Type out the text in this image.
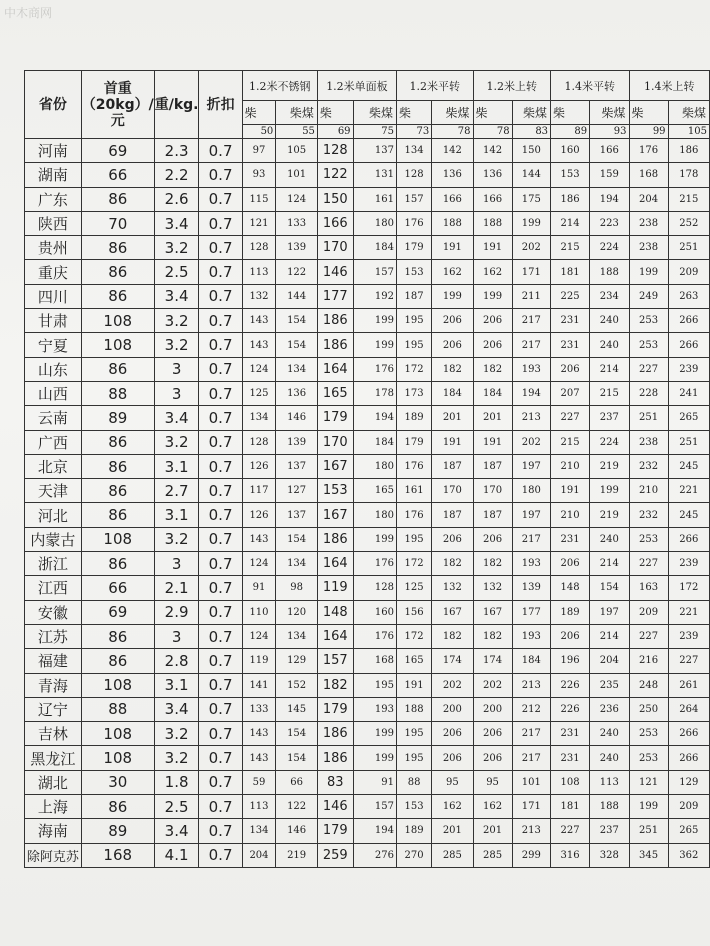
中木商网
省份	首重（20kg）/元	重/kg.	折扣	1.2米不锈钢		1.2米单面板		1.2米平转		1.2米上转		1.4米平转		1.4米上转	
				柴	柴煤	柴	柴煤	柴	柴煤	柴	柴煤	柴	柴煤	柴	柴煤
				50	55	69	75	73	78	78	83	89	93	99	105
河南	69	2.3	0.7	97	105	128	137	134	142	142	150	160	166	176	186
湖南	66	2.2	0.7	93	101	122	131	128	136	136	144	153	159	168	178
广东	86	2.6	0.7	115	124	150	161	157	166	166	175	186	194	204	215
陕西	70	3.4	0.7	121	133	166	180	176	188	188	199	214	223	238	252
贵州	86	3.2	0.7	128	139	170	184	179	191	191	202	215	224	238	251
重庆	86	2.5	0.7	113	122	146	157	153	162	162	171	181	188	199	209
四川	86	3.4	0.7	132	144	177	192	187	199	199	211	225	234	249	263
甘肃	108	3.2	0.7	143	154	186	199	195	206	206	217	231	240	253	266
宁夏	108	3.2	0.7	143	154	186	199	195	206	206	217	231	240	253	266
山东	86	3	0.7	124	134	164	176	172	182	182	193	206	214	227	239
山西	88	3	0.7	125	136	165	178	173	184	184	194	207	215	228	241
云南	89	3.4	0.7	134	146	179	194	189	201	201	213	227	237	251	265
广西	86	3.2	0.7	128	139	170	184	179	191	191	202	215	224	238	251
北京	86	3.1	0.7	126	137	167	180	176	187	187	197	210	219	232	245
天津	86	2.7	0.7	117	127	153	165	161	170	170	180	191	199	210	221
河北	86	3.1	0.7	126	137	167	180	176	187	187	197	210	219	232	245
内蒙古	108	3.2	0.7	143	154	186	199	195	206	206	217	231	240	253	266
浙江	86	3	0.7	124	134	164	176	172	182	182	193	206	214	227	239
江西	66	2.1	0.7	91	98	119	128	125	132	132	139	148	154	163	172
安徽	69	2.9	0.7	110	120	148	160	156	167	167	177	189	197	209	221
江苏	86	3	0.7	124	134	164	176	172	182	182	193	206	214	227	239
福建	86	2.8	0.7	119	129	157	168	165	174	174	184	196	204	216	227
青海	108	3.1	0.7	141	152	182	195	191	202	202	213	226	235	248	261
辽宁	88	3.4	0.7	133	145	179	193	188	200	200	212	226	236	250	264
吉林	108	3.2	0.7	143	154	186	199	195	206	206	217	231	240	253	266
黑龙江	108	3.2	0.7	143	154	186	199	195	206	206	217	231	240	253	266
湖北	30	1.8	0.7	59	66	83	91	88	95	95	101	108	113	121	129
上海	86	2.5	0.7	113	122	146	157	153	162	162	171	181	188	199	209
海南	89	3.4	0.7	134	146	179	194	189	201	201	213	227	237	251	265
除阿克苏	168	4.1	0.7	204	219	259	276	270	285	285	299	316	328	345	362
